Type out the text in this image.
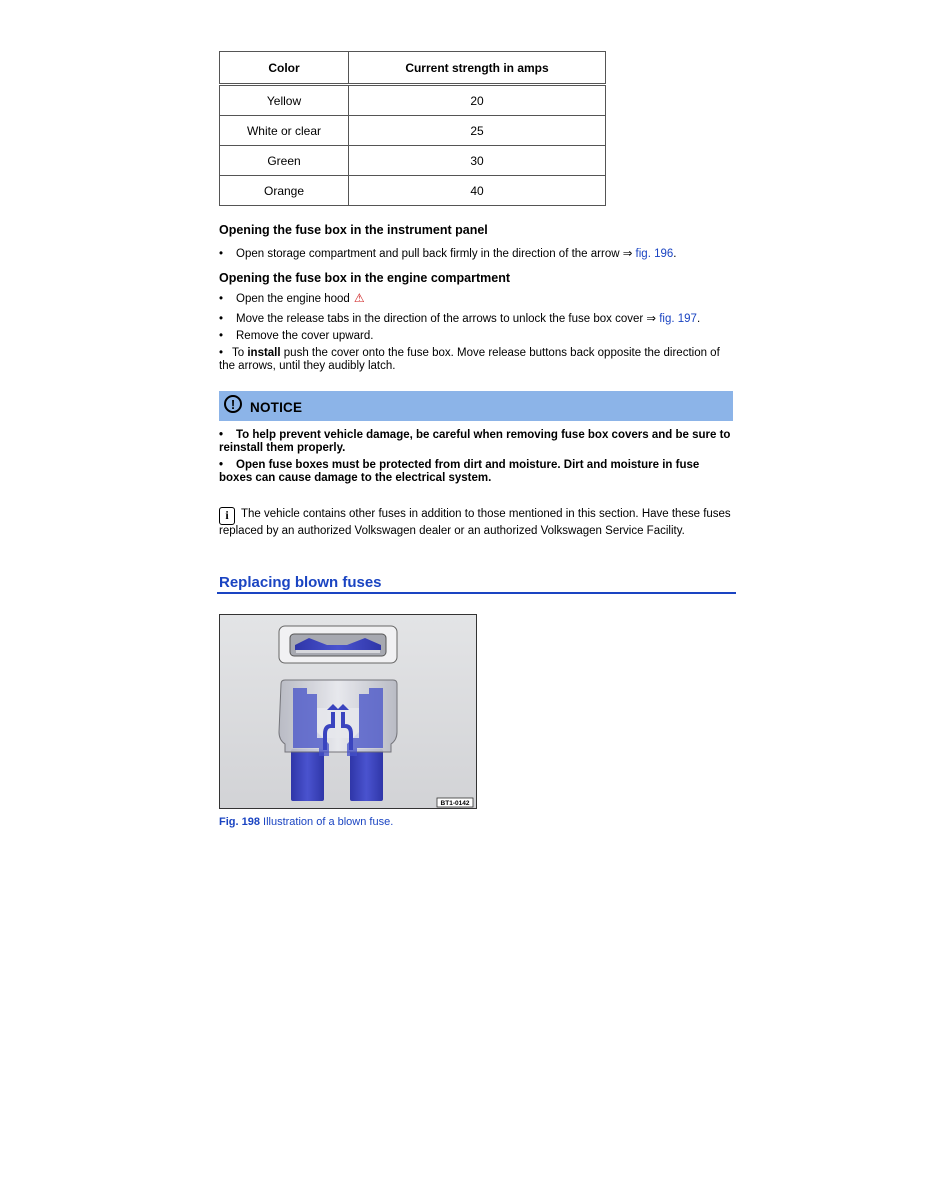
Color	Current strength in amps
Yellow	20
White or clear	25
Green	30
Orange	40
Opening the fuse box in the instrument panel
• Open storage compartment and pull back firmly in the direction of the arrow ⇒ fig. 196.
Opening the fuse box in the engine compartment
• Open the engine hood ⚠
• Move the release tabs in the direction of the arrows to unlock the fuse box cover ⇒ fig. 197.
• Remove the cover upward.
• To install push the cover onto the fuse box. Move release buttons back opposite the direction of the arrows, until they audibly latch.
!	NOTICE
• To help prevent vehicle damage, be careful when removing fuse box covers and be sure to reinstall them properly.
• Open fuse boxes must be protected from dirt and moisture. Dirt and moisture in fuse boxes can cause damage to the electrical system.
i The vehicle contains other fuses in addition to those mentioned in this section. Have these fuses replaced by an authorized Volkswagen dealer or an authorized Volkswagen Service Facility.
Replacing blown fuses
BT1-0142
Fig. 198 Illustration of a blown fuse.
